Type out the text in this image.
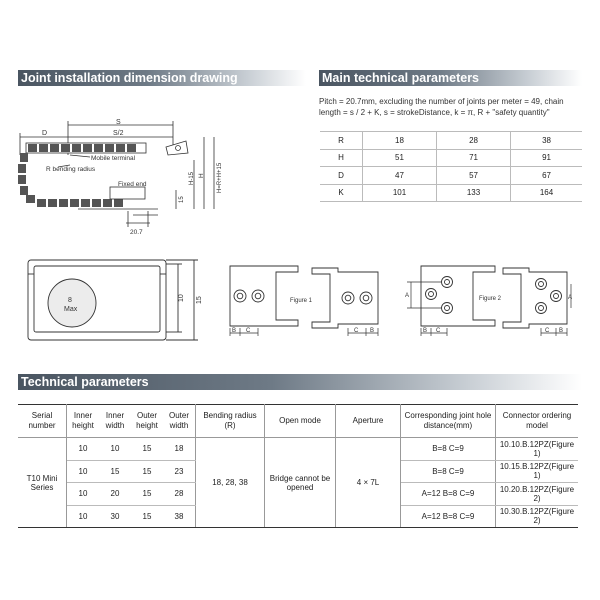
Joint installation dimension drawing	Main technical parameters
Technical parameters
Pitch = 20.7mm, excluding the number of joints per meter = 49, chain length = s / 2 + K, s = strokeDistance, k = π, R + "safety quantity"
R	18	28	38
H	51	71	91
D	47	57	67
K	101	133	164
D
S
S/2
Mobile terminal
R bending radius
Fixed end	H-15 H H=R+H+15
15
20.7
8
Max
10 15	Figure 1
B C	C B
Figure 2
A
B C	C B
A
Serial number	Inner height	Inner width	Outer height	Outer width	Bending radius (R)	Open mode	Aperture	Corresponding joint hole distance(mm)	Connector ordering model
T10 Mini Series	10	10	15	18	18, 28, 38	Bridge cannot be opened	4 × 7L	B=8 C=9	10.10.B.12PZ(Figure 1)
	10	15	15	23				B=8 C=9	10.15.B.12PZ(Figure 1)
	10	20	15	28				A=12 B=8 C=9	10.20.B.12PZ(Figure 2)
	10	30	15	38				A=12 B=8 C=9	10.30.B.12PZ(Figure 2)
